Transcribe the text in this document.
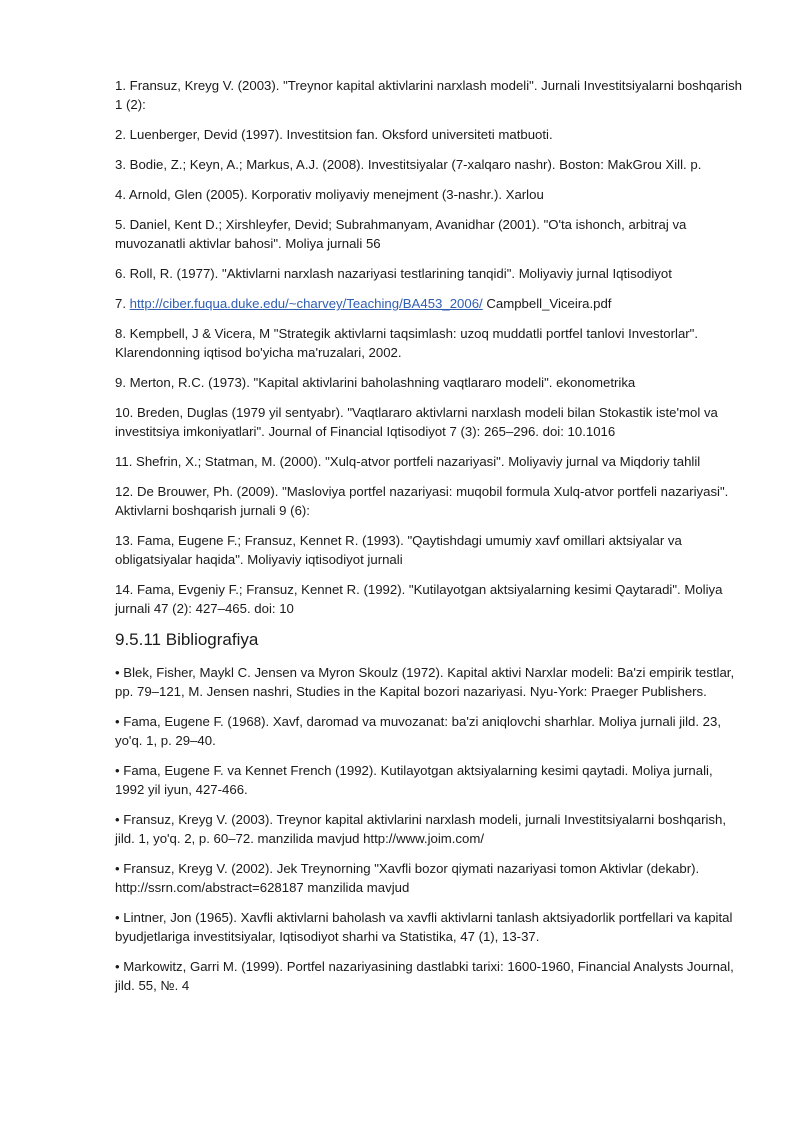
1. Fransuz, Kreyg V. (2003). "Treynor kapital aktivlarini narxlash modeli". Jurnali Investitsiyalarni boshqarish 1 (2):

2. Luenberger, Devid (1997). Investitsion fan. Oksford universiteti matbuoti.

3. Bodie, Z.; Keyn, A.; Markus, A.J. (2008). Investitsiyalar (7-xalqaro nashr). Boston: MakGrou Xill. p.

4. Arnold, Glen (2005). Korporativ moliyaviy menejment (3-nashr.). Xarlou

5. Daniel, Kent D.; Xirshleyfer, Devid; Subrahmanyam, Avanidhar (2001). "O'ta ishonch, arbitraj va muvozanatli aktivlar bahosi". Moliya jurnali 56

6. Roll, R. (1977). "Aktivlarni narxlash nazariyasi testlarining tanqidi". Moliyaviy jurnal Iqtisodiyot

7. http://ciber.fuqua.duke.edu/~charvey/Teaching/BA453_2006/ Campbell_Viceira.pdf

8. Kempbell, J & Vicera, M "Strategik aktivlarni taqsimlash: uzoq muddatli portfel tanlovi Investorlar". Klarendonning iqtisod bo'yicha ma'ruzalari, 2002.

9. Merton, R.C. (1973). "Kapital aktivlarini baholashning vaqtlararo modeli". ekonometrika

10. Breden, Duglas (1979 yil sentyabr). "Vaqtlararo aktivlarni narxlash modeli bilan Stokastik iste'mol va investitsiya imkoniyatlari". Journal of Financial Iqtisodiyot 7 (3): 265–296. doi: 10.1016

11. Shefrin, X.; Statman, M. (2000). "Xulq-atvor portfeli nazariyasi". Moliyaviy jurnal va Miqdoriy tahlil

12. De Brouwer, Ph. (2009). "Masloviya portfel nazariyasi: muqobil formula Xulq-atvor portfeli nazariyasi". Aktivlarni boshqarish jurnali 9 (6):

13. Fama, Eugene F.; Fransuz, Kennet R. (1993). "Qaytishdagi umumiy xavf omillari aktsiyalar va obligatsiyalar haqida". Moliyaviy iqtisodiyot jurnali

14. Fama, Evgeniy F.; Fransuz, Kennet R. (1992). "Kutilayotgan aktsiyalarning kesimi Qaytaradi". Moliya jurnali 47 (2): 427–465. doi: 10

9.5.11 Bibliografiya

• Blek, Fisher, Maykl C. Jensen va Myron Skoulz (1972). Kapital aktivi Narxlar modeli: Ba'zi empirik testlar, pp. 79–121, M. Jensen nashri, Studies in the Kapital bozori nazariyasi. Nyu-York: Praeger Publishers.

• Fama, Eugene F. (1968). Xavf, daromad va muvozanat: ba'zi aniqlovchi sharhlar. Moliya jurnali jild. 23, yo'q. 1, p. 29–40.

• Fama, Eugene F. va Kennet French (1992). Kutilayotgan aktsiyalarning kesimi qaytadi. Moliya jurnali, 1992 yil iyun, 427-466.

• Fransuz, Kreyg V. (2003). Treynor kapital aktivlarini narxlash modeli, jurnali Investitsiyalarni boshqarish, jild. 1, yo'q. 2, p. 60–72. manzilida mavjud http://www.joim.com/

• Fransuz, Kreyg V. (2002). Jek Treynorning "Xavfli bozor qiymati nazariyasi tomon Aktivlar (dekabr). http://ssrn.com/abstract=628187 manzilida mavjud

• Lintner, Jon (1965). Xavfli aktivlarni baholash va xavfli aktivlarni tanlash aktsiyadorlik portfellari va kapital byudjetlariga investitsiyalar, Iqtisodiyot sharhi va Statistika, 47 (1), 13-37.

• Markowitz, Garri M. (1999). Portfel nazariyasining dastlabki tarixi: 1600-1960, Financial Analysts Journal, jild. 55, №. 4
